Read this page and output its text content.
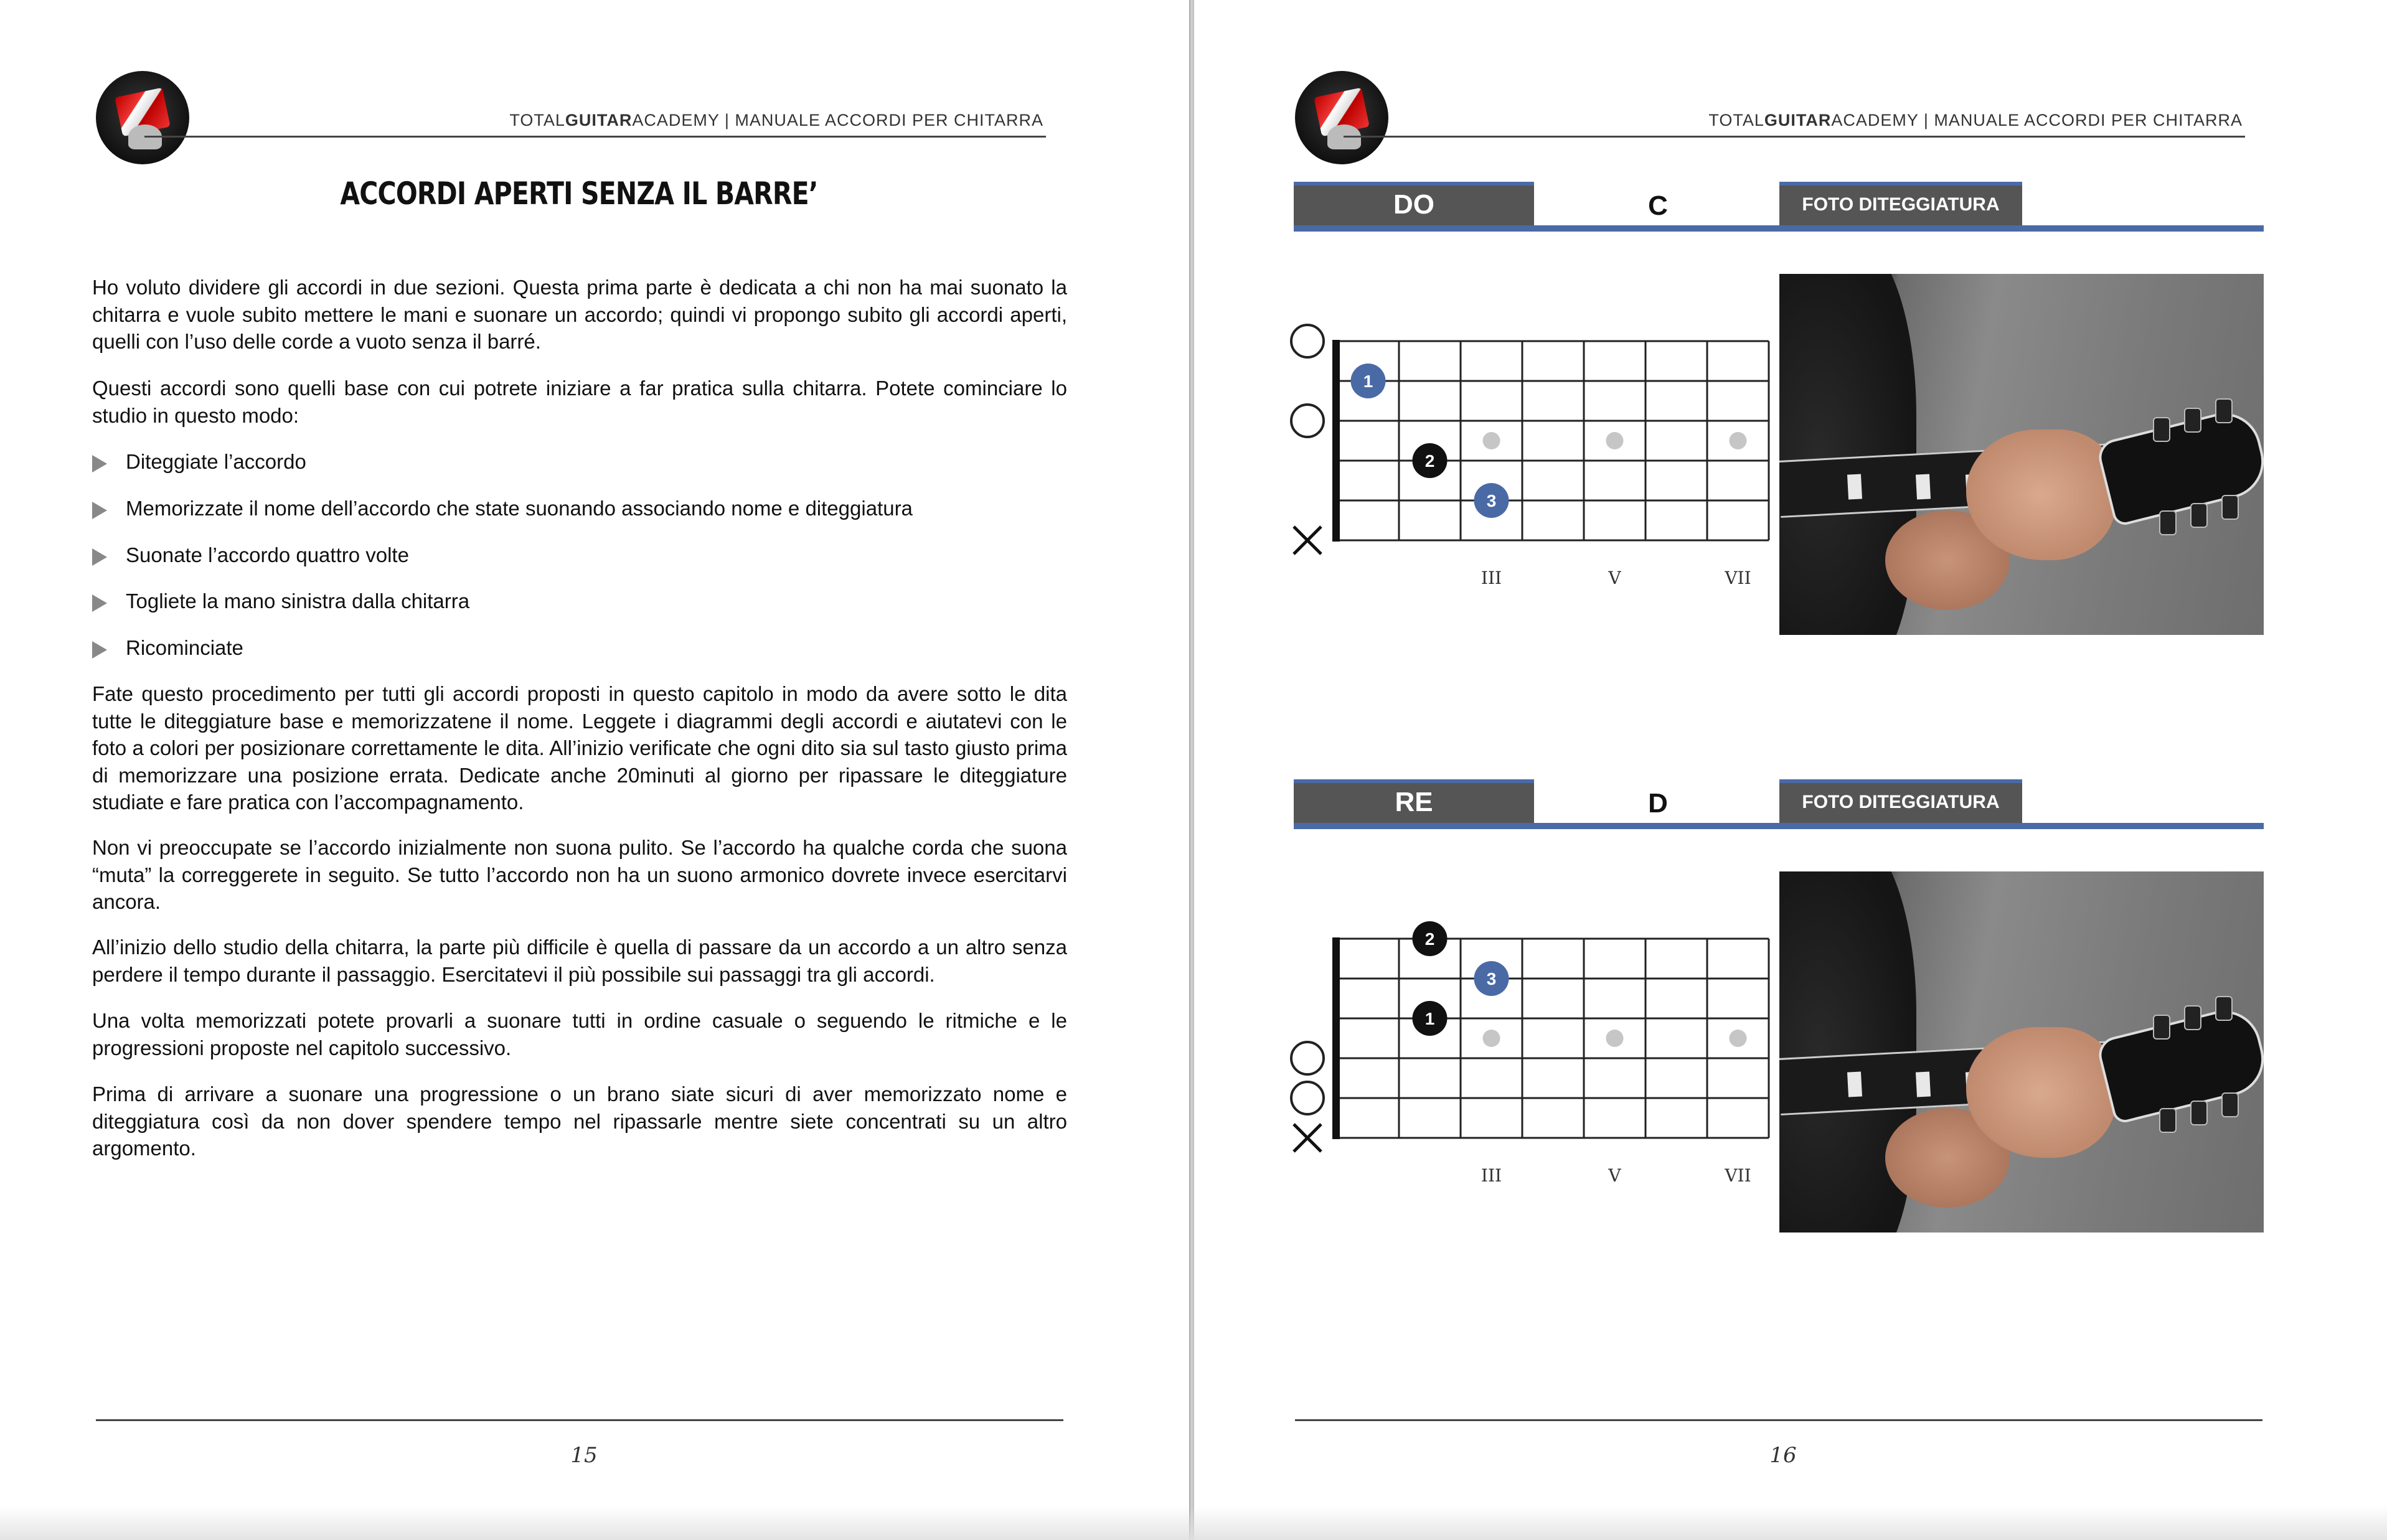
TOTALGUITARACADEMY | MANUALE ACCORDI PER CHITARRA
ACCORDI APERTI SENZA IL BARRE’

Ho voluto dividere gli accordi in due sezioni. Questa prima parte è dedicata a chi non ha mai suonato la chitarra e vuole subito mettere le mani e suonare un accordo; quindi vi propongo subito gli accordi aperti, quelli con l’uso delle corde a vuoto senza il barré.

Questi accordi sono quelli base con cui potrete iniziare a far pratica sulla chitarra. Potete cominciare lo studio in questo modo:

Diteggiate l’accordo
Memorizzate il nome dell’accordo che state suonando associando nome e diteggiatura
Suonate l’accordo quattro volte
Togliete la mano sinistra dalla chitarra
Ricominciate

Fate questo procedimento per tutti gli accordi proposti in questo capitolo in modo da avere sotto le dita tutte le diteggiature base e memorizzatene il nome. Leggete i diagrammi degli accordi e aiutatevi con le foto a colori per posizionare correttamente le dita. All’inizio verificate che ogni dito sia sul tasto giusto prima di memorizzare una posizione errata. Dedicate anche 20minuti al giorno per ripassare le diteggiature studiate e fare pratica con l’accompagnamento.

Non vi preoccupate se l’accordo inizialmente non suona pulito. Se l’accordo ha qualche corda che suona “muta” la correggerete in seguito. Se tutto l’accordo non ha un suono armonico dovrete invece esercitarvi ancora.

All’inizio dello studio della chitarra, la parte più difficile è quella di passare da un accordo a un altro senza perdere il tempo durante il passaggio. Esercitatevi il più possibile sui passaggi tra gli accordi.

Una volta memorizzati potete provarli a suonare tutti in ordine casuale o seguendo le ritmiche e le progressioni proposte nel capitolo successivo.

Prima di arrivare a suonare una progressione o un brano siate sicuri di aver memorizzato nome e diteggiatura così da non dover spendere tempo nel ripassarle mentre siete concentrati su un altro argomento.

15
TOTALGUITARACADEMY | MANUALE ACCORDI PER CHITARRA
DO	C	FOTO DITEGGIATURA
III	V	VII
1
2
3
RE	D	FOTO DITEGGIATURA
III	V	VII
2
3
1
16
